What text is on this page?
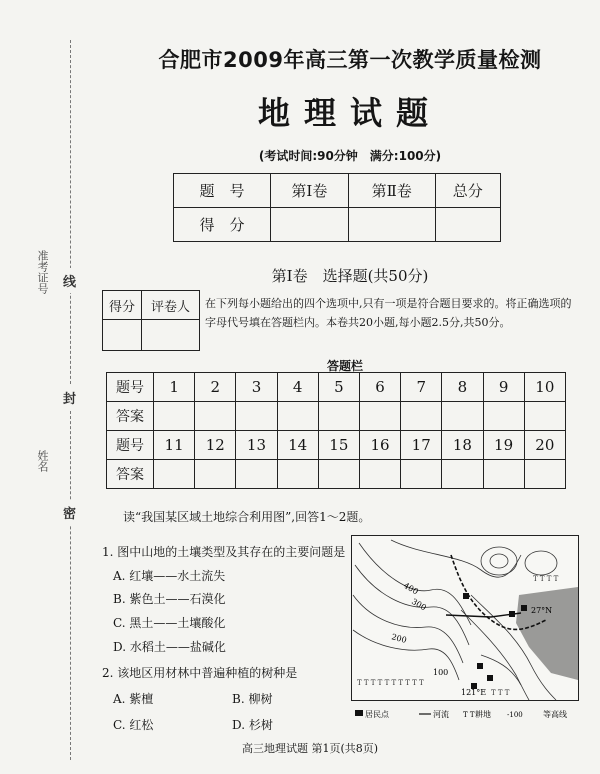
准考证号
姓名
线
封
密
合肥市2009年高三第一次教学质量检测
地理试题
(考试时间:90分钟　满分:100分)
题　号	第Ⅰ卷	第Ⅱ卷	总分
得　分			
第Ⅰ卷　选择题(共50分)
得分	评卷人
	在下列每小题给出的四个选项中,只有一项是符合题目要求的。将正确选项的字母代号填在答题栏内。本卷共20小题,每小题2.5分,共50分。
答题栏
题号	1	2	3	4	5	6	7	8	9	10
答案										
题号	11	12	13	14	15	16	17	18	19	20
答案										
读“我国某区域土地综合利用图”,回答1～2题。
1. 图中山地的土壤类型及其存在的主要问题是
A. 红壤——水土流失
B. 紫色土——石漠化
C. 黑土——土壤酸化
D. 水稻土——盐碱化
2. 该地区用材林中普遍种植的树种是
A. 紫檀	B. 柳树
C. 红松	D. 杉树
T T T T
T T T T T T T T T T
T T T
400
300
200
100
27°N
121°E
居民点	河流 T T 耕地 -100	等高线
高三地理试题 第1页(共8页)
